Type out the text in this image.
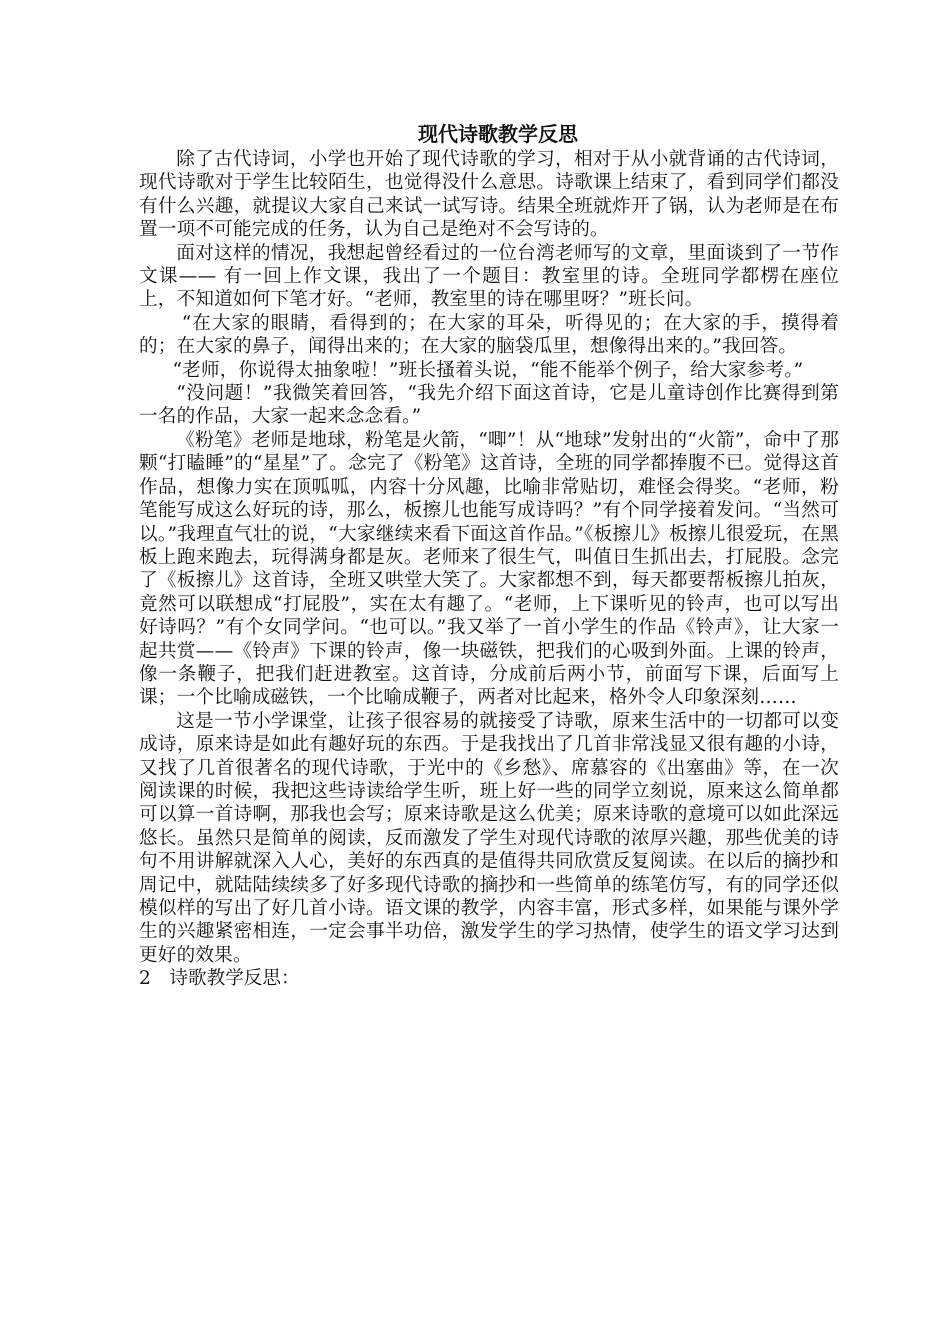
现代诗歌教学反思

除了古代诗词，小学也开始了现代诗歌的学习，相对于从小就背诵的古代诗词，现代诗歌对于学生比较陌生，也觉得没什么意思。诗歌课上结束了，看到同学们都没有什么兴趣，就提议大家自己来试一试写诗。结果全班就炸开了锅，认为老师是在布置一项不可能完成的任务，认为自己是绝对不会写诗的。

面对这样的情况，我想起曾经看过的一位台湾老师写的文章，里面谈到了一节作文课—— 有一回上作文课，我出了一个题目：教室里的诗。全班同学都楞在座位上，不知道如何下笔才好。“老师，教室里的诗在哪里呀？”班长问。

“在大家的眼睛，看得到的；在大家的耳朵，听得见的；在大家的手，摸得着的；在大家的鼻子，闻得出来的；在大家的脑袋瓜里，想像得出来的。”我回答。

“老师，你说得太抽象啦！”班长搔着头说，“能不能举个例子，给大家参考。”

“没问题！”我微笑着回答，“我先介绍下面这首诗，它是儿童诗创作比赛得到第一名的作品，大家一起来念念看。”

《粉笔》老师是地球，粉笔是火箭，“唧”！从“地球”发射出的“火箭”，命中了那颗“打瞌睡”的“星星”了。念完了《粉笔》这首诗，全班的同学都捧腹不已。觉得这首作品，想像力实在顶呱呱，内容十分风趣，比喻非常贴切，难怪会得奖。“老师，粉笔能写成这么好玩的诗，那么，板擦儿也能写成诗吗？”有个同学接着发问。“当然可以。”我理直气壮的说，“大家继续来看下面这首作品。”《板擦儿》板擦儿很爱玩，在黑板上跑来跑去，玩得满身都是灰。老师来了很生气，叫值日生抓出去，打屁股。念完了《板擦儿》这首诗，全班又哄堂大笑了。大家都想不到，每天都要帮板擦儿拍灰，竟然可以联想成“打屁股”，实在太有趣了。“老师，上下课听见的铃声，也可以写出好诗吗？”有个女同学问。“也可以。”我又举了一首小学生的作品《铃声》，让大家一起共赏——《铃声》下课的铃声，像一块磁铁，把我们的心吸到外面。上课的铃声，像一条鞭子，把我们赶进教室。这首诗，分成前后两小节，前面写下课，后面写上课；一个比喻成磁铁，一个比喻成鞭子，两者对比起来，格外令人印象深刻……

这是一节小学课堂，让孩子很容易的就接受了诗歌，原来生活中的一切都可以变成诗，原来诗是如此有趣好玩的东西。于是我找出了几首非常浅显又很有趣的小诗，又找了几首很著名的现代诗歌，于光中的《乡愁》、席慕容的《出塞曲》等，在一次阅读课的时候，我把这些诗读给学生听，班上好一些的同学立刻说，原来这么简单都可以算一首诗啊，那我也会写；原来诗歌是这么优美；原来诗歌的意境可以如此深远悠长。虽然只是简单的阅读，反而激发了学生对现代诗歌的浓厚兴趣，那些优美的诗句不用讲解就深入人心，美好的东西真的是值得共同欣赏反复阅读。在以后的摘抄和周记中，就陆陆续续多了好多现代诗歌的摘抄和一些简单的练笔仿写，有的同学还似模似样的写出了好几首小诗。语文课的教学，内容丰富，形式多样，如果能与课外学生的兴趣紧密相连，一定会事半功倍，激发学生的学习热情，使学生的语文学习达到更好的效果。

2　诗歌教学反思：
